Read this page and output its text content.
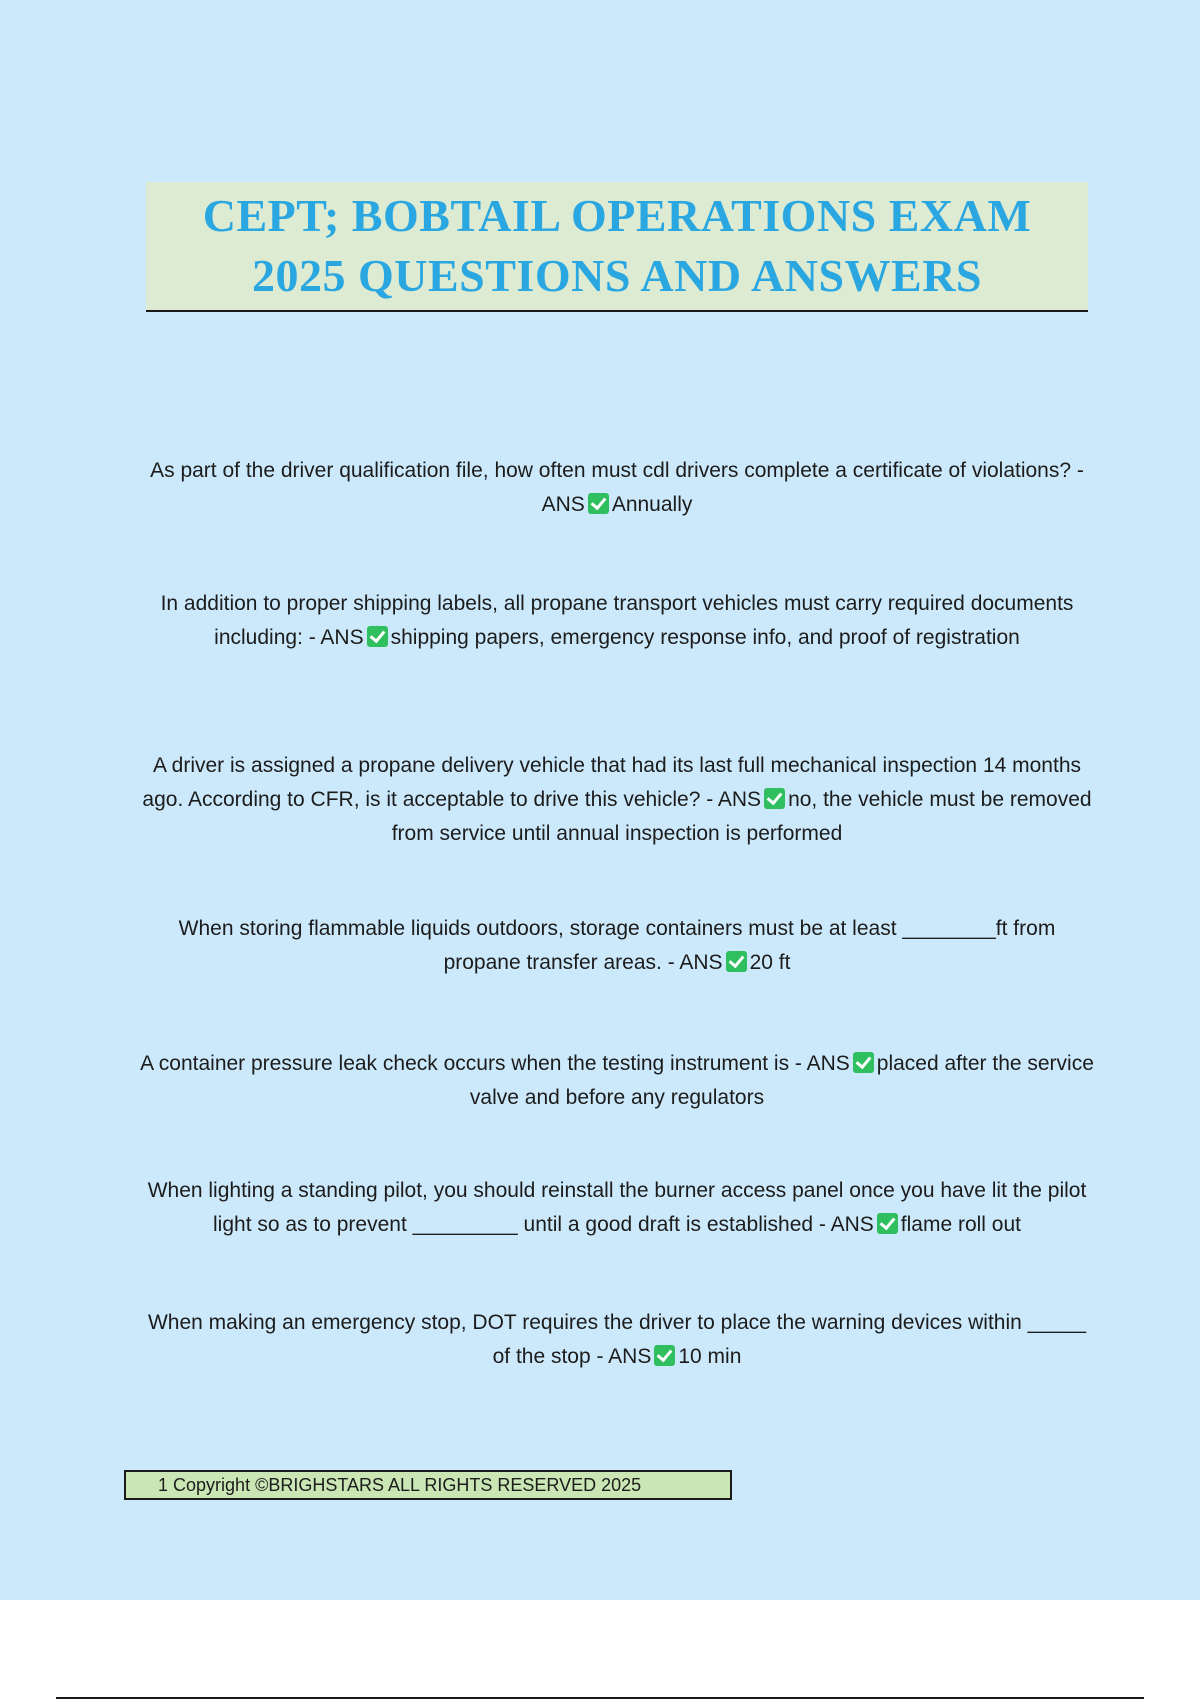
CEPT; BOBTAIL OPERATIONS EXAM
2025 QUESTIONS AND ANSWERS
As part of the driver qualification file, how often must cdl drivers complete a certificate of violations? - ANS Annually
In addition to proper shipping labels, all propane transport vehicles must carry required documents including: - ANS shipping papers, emergency response info, and proof of registration
A driver is assigned a propane delivery vehicle that had its last full mechanical inspection 14 months ago. According to CFR, is it acceptable to drive this vehicle? - ANS no, the vehicle must be removed from service until annual inspection is performed
When storing flammable liquids outdoors, storage containers must be at least ________ft from propane transfer areas. - ANS 20 ft
A container pressure leak check occurs when the testing instrument is - ANS placed after the service valve and before any regulators
When lighting a standing pilot, you should reinstall the burner access panel once you have lit the pilot light so as to prevent _________ until a good draft is established - ANS flame roll out
When making an emergency stop, DOT requires the driver to place the warning devices within _____ of the stop - ANS 10 min
1 Copyright ©BRIGHSTARS ALL RIGHTS RESERVED 2025
